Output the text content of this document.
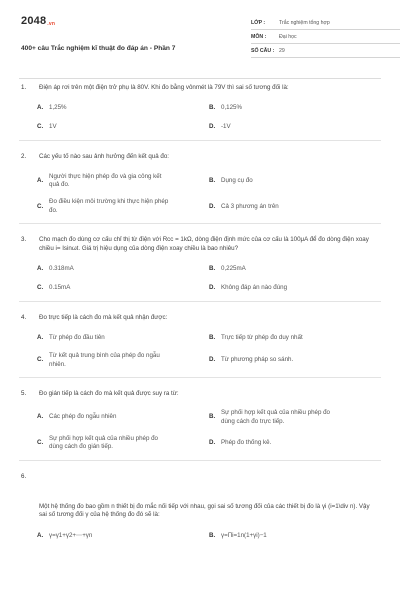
2048.vn
400+ câu Trắc nghiệm kĩ thuật đo đáp án - Phần 7
LỚP :	Trắc nghiệm tổng hợp
MÔN :	Đại học
SỐ CÂU : 29
1.	Điện áp rơi trên một điện trở phụ là 80V. Khi đo bằng vônmét là 79V thì sai số tương đối là:
A. 1,25%	B. 0,125%
C. 1V	D. -1V
2.	Các yếu tố nào sau ảnh hưởng đến kết quả đo:
A.
Người thực hiện phép đo và gia công kết quả đo.
B. Dụng cụ đo
C.
Đo điều kiện môi trường khi thực hiện phép đo.
D. Cả 3 phương án trên
3.	Cho mạch đo dùng cơ cấu chỉ thị từ điện với Rcc = 1kΩ, dòng điện định mức của cơ cấu là 100μA để đo dòng điện xoay chiều i= Isinωt. Giá trị hiệu dụng của dòng điện xoay chiều là bao nhiêu?
A. 0.318mA	B. 0,225mA
C. 0.15mA	D. Không đáp án nào đúng
4.	Đo trực tiếp là cách đo mà kết quả nhận được:
A. Từ phép đo đầu tiên	B. Trực tiếp từ phép đo duy nhất
C.
Từ kết quả trung bình của phép đo ngẫu nhiên.
D. Từ phương pháp so sánh.
5.	Đo gián tiếp là cách đo mà kết quả được suy ra từ:
A. Các phép đo ngẫu nhiên	B.
Sự phối hợp kết quả của nhiều phép đo dùng cách đo trực tiếp.
C.
Sự phối hợp kết quả của nhiều phép đo dùng cách đo gián tiếp.
D. Phép đo thống kê.
6.
Một hệ thống đo bao gồm n thiết bị đo mắc nối tiếp với nhau, gọi sai số tương đối của các thiết bị đo là γi (i=1\div n). Vậy sai số tương đối γ của hệ thống đo đó sẽ là:
A. γ=γ1+γ2+⋯+γn	B. γ=Πi=1n(1+γi)−1
